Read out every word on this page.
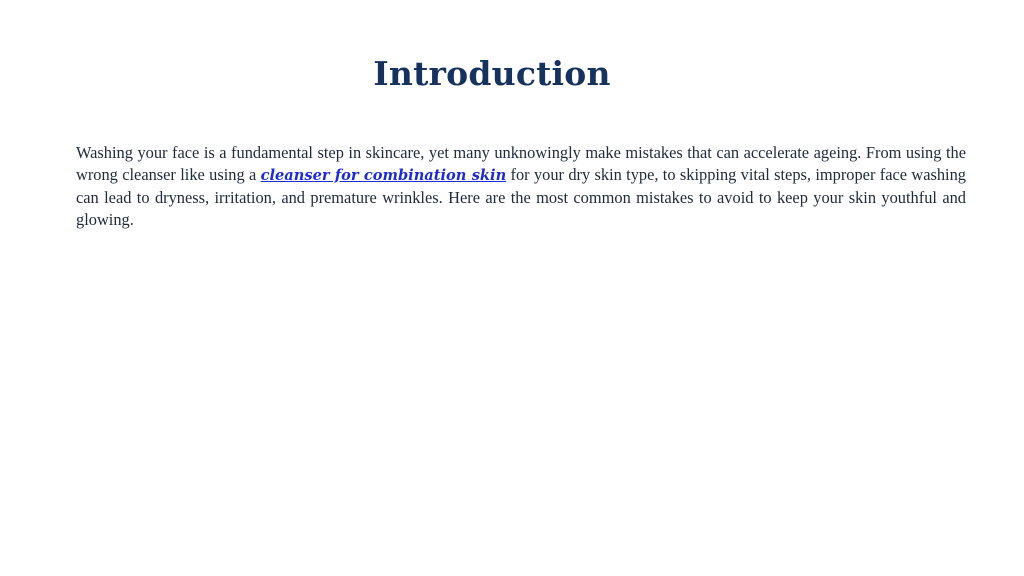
Introduction

Washing your face is a fundamental step in skincare, yet many unknowingly make mistakes that can accelerate ageing. From using the wrong cleanser like using a cleanser for combination skin for your dry skin type, to skipping vital steps, improper face washing can lead to dryness, irritation, and premature wrinkles. Here are the most common mistakes to avoid to keep your skin youthful and glowing.
